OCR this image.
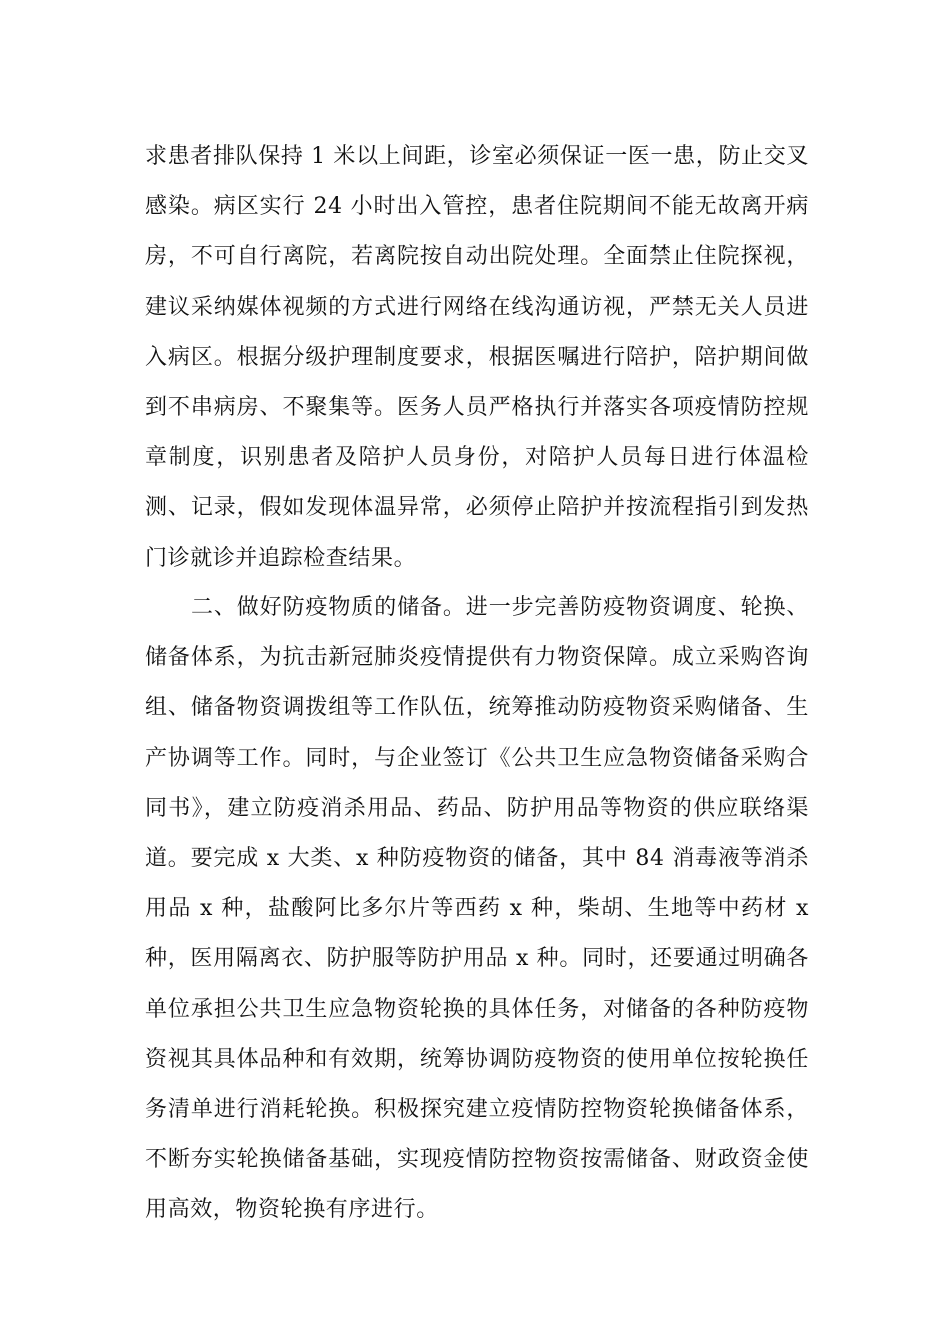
求患者排队保持 1 米以上间距，诊室必须保证一医一患，防止交叉感染。病区实行 24 小时出入管控，患者住院期间不能无故离开病房，不可自行离院，若离院按自动出院处理。全面禁止住院探视，建议采纳媒体视频的方式进行网络在线沟通访视，严禁无关人员进入病区。根据分级护理制度要求，根据医嘱进行陪护，陪护期间做到不串病房、不聚集等。医务人员严格执行并落实各项疫情防控规章制度，识别患者及陪护人员身份，对陪护人员每日进行体温检测、记录，假如发现体温异常，必须停止陪护并按流程指引到发热门诊就诊并追踪检查结果。

二、做好防疫物质的储备。进一步完善防疫物资调度、轮换、储备体系，为抗击新冠肺炎疫情提供有力物资保障。成立采购咨询组、储备物资调拨组等工作队伍，统筹推动防疫物资采购储备、生产协调等工作。同时，与企业签订《公共卫生应急物资储备采购合同书》，建立防疫消杀用品、药品、防护用品等物资的供应联络渠道。要完成 x 大类、x 种防疫物资的储备，其中 84 消毒液等消杀用品 x 种，盐酸阿比多尔片等西药 x 种，柴胡、生地等中药材 x 种，医用隔离衣、防护服等防护用品 x 种。同时，还要通过明确各单位承担公共卫生应急物资轮换的具体任务，对储备的各种防疫物资视其具体品种和有效期，统筹协调防疫物资的使用单位按轮换任务清单进行消耗轮换。积极探究建立疫情防控物资轮换储备体系，不断夯实轮换储备基础，实现疫情防控物资按需储备、财政资金使用高效，物资轮换有序进行。
